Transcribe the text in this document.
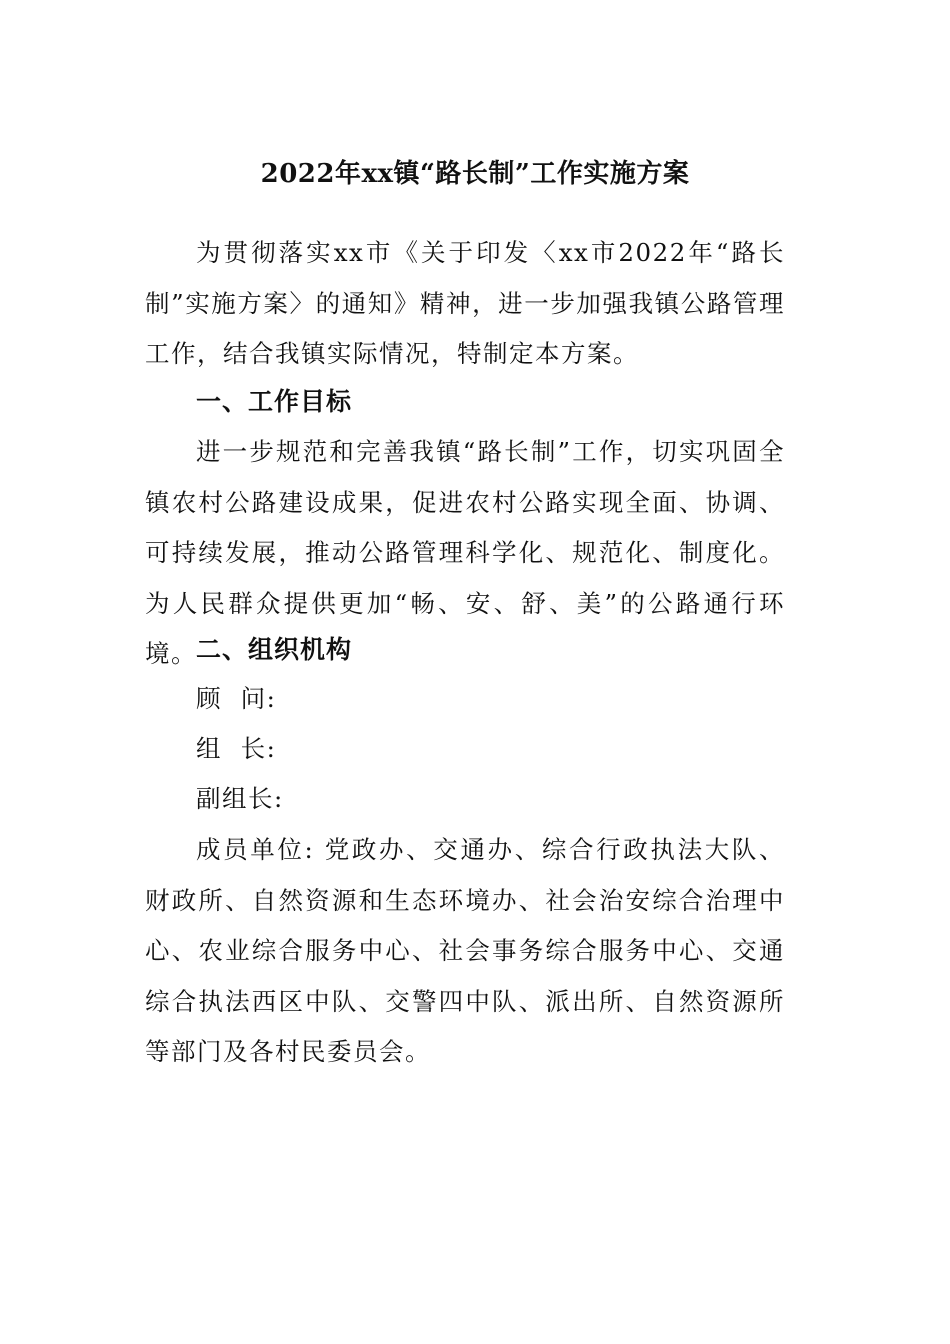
2022年xx镇“路长制”工作实施方案
为贯彻落实xx市《关于印发〈xx市2022年“路长制”实施方案〉的通知》精神，进一步加强我镇公路管理工作，结合我镇实际情况，特制定本方案。
一、工作目标
进一步规范和完善我镇“路长制”工作，切实巩固全镇农村公路建设成果，促进农村公路实现全面、协调、可持续发展，推动公路管理科学化、规范化、制度化。为人民群众提供更加“畅、安、舒、美”的公路通行环境。 二、组织机构
顾  问:
组  长:
副组长:
成员单位: 党政办、交通办、综合行政执法大队、财政所、自然资源和生态环境办、社会治安综合治理中心、农业综合服务中心、社会事务综合服务中心、交通综合执法西区中队、交警四中队、派出所、自然资源所等部门及各村民委员会。
